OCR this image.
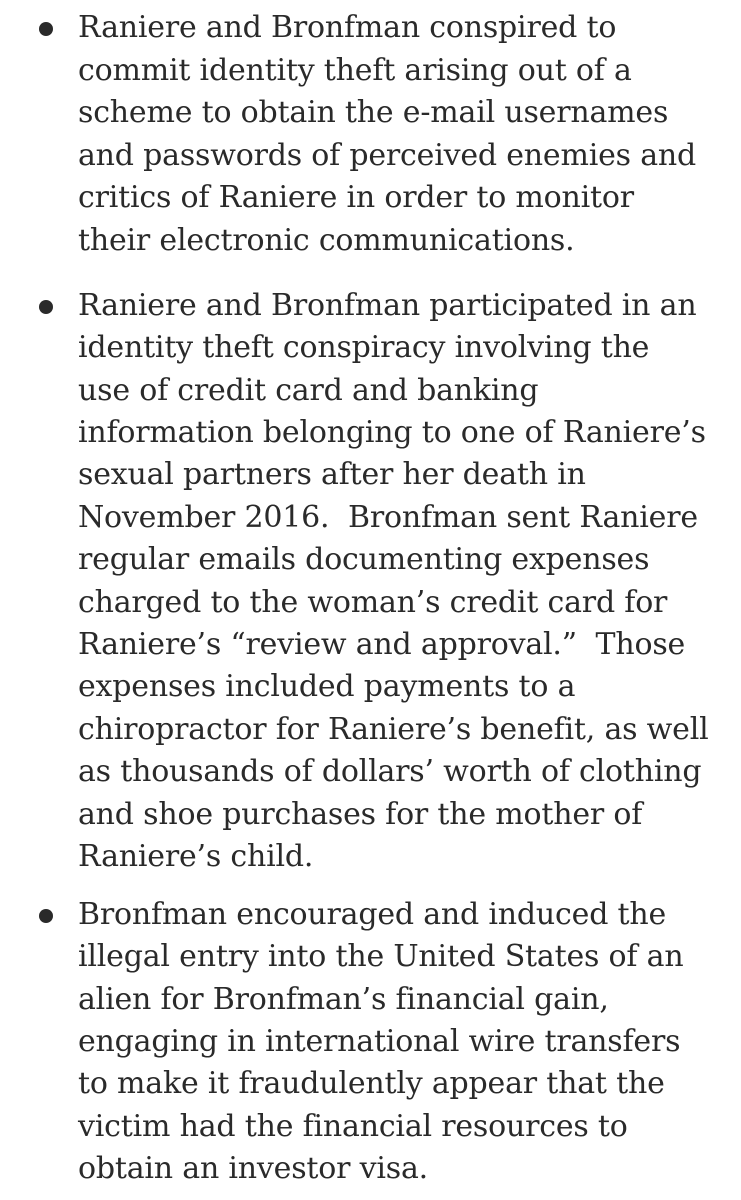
Raniere and Bronfman conspired to
commit identity theft arising out of a
scheme to obtain the e-mail usernames
and passwords of perceived enemies and
critics of Raniere in order to monitor
their electronic communications.
Raniere and Bronfman participated in an
identity theft conspiracy involving the
use of credit card and banking
information belonging to one of Raniere’s
sexual partners after her death in
November 2016.  Bronfman sent Raniere
regular emails documenting expenses
charged to the woman’s credit card for
Raniere’s “review and approval.”  Those
expenses included payments to a
chiropractor for Raniere’s benefit, as well
as thousands of dollars’ worth of clothing
and shoe purchases for the mother of
Raniere’s child.
Bronfman encouraged and induced the
illegal entry into the United States of an
alien for Bronfman’s financial gain,
engaging in international wire transfers
to make it fraudulently appear that the
victim had the financial resources to
obtain an investor visa.
